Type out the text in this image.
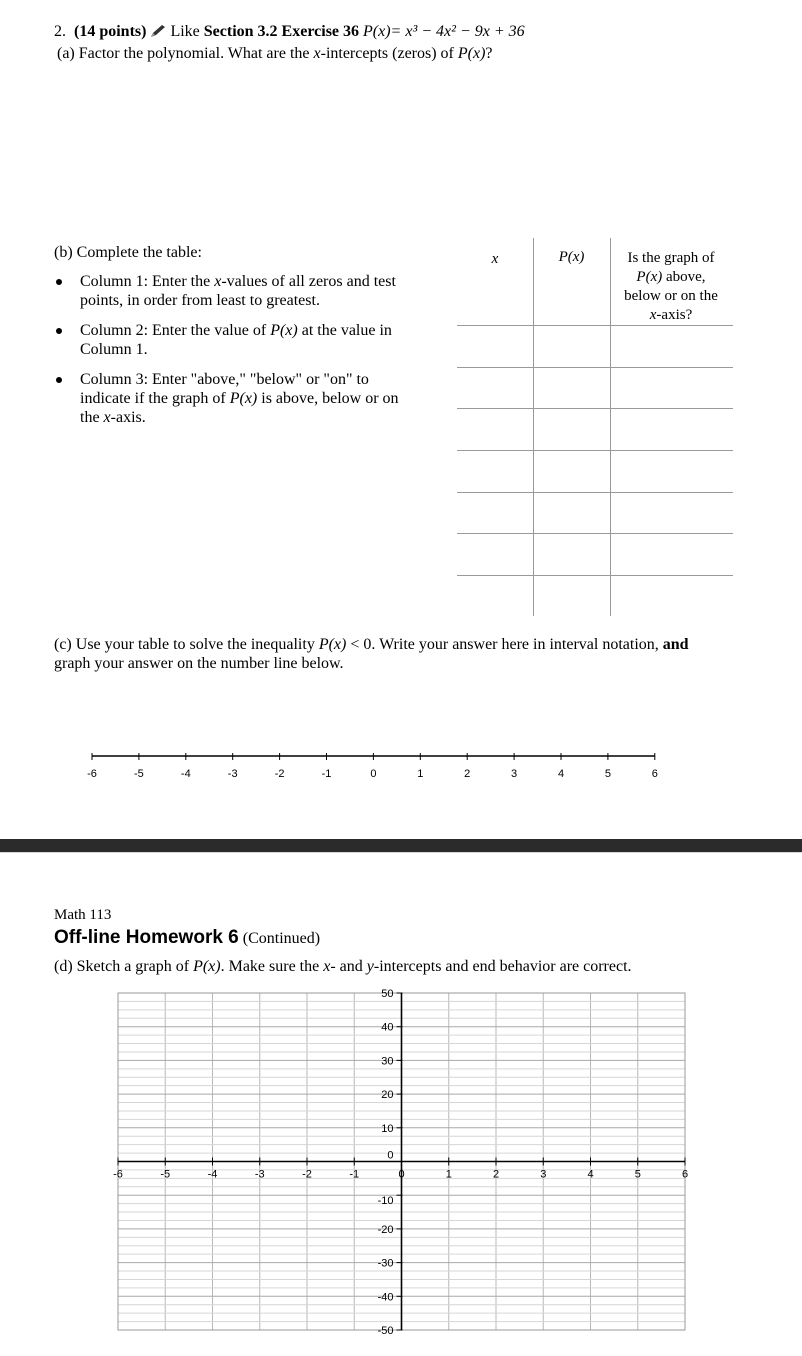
2. (14 points) Like Section 3.2 Exercise 36 P(x)= x³ − 4x² − 9x + 36
(a) Factor the polynomial. What are the x-intercepts (zeros) of P(x)?
(b) Complete the table:
Column 1: Enter the x-values of all zeros and test
points, in order from least to greatest.
Column 2: Enter the value of P(x) at the value in
Column 1.
Column 3: Enter "above," "below" or "on" to
indicate if the graph of P(x) is above, below or on
the x-axis.
x	P(x)	Is the graph of
P(x) above,
below or on the
x-axis?
(c) Use your table to solve the inequality P(x) < 0. Write your answer here in interval notation, and
graph your answer on the number line below.
-6	-5	-4	-3	-2	-1	0	1	2	3	4	5	6
Math 113
Off-line Homework 6 (Continued)
(d) Sketch a graph of P(x). Make sure the x- and y-intercepts and end behavior are correct.
-6	-5	-4	-3	-2	-1	0	1	2	3	4	5	6
50
40
30
20
10
0
-10
-20
-30
-40
-50
